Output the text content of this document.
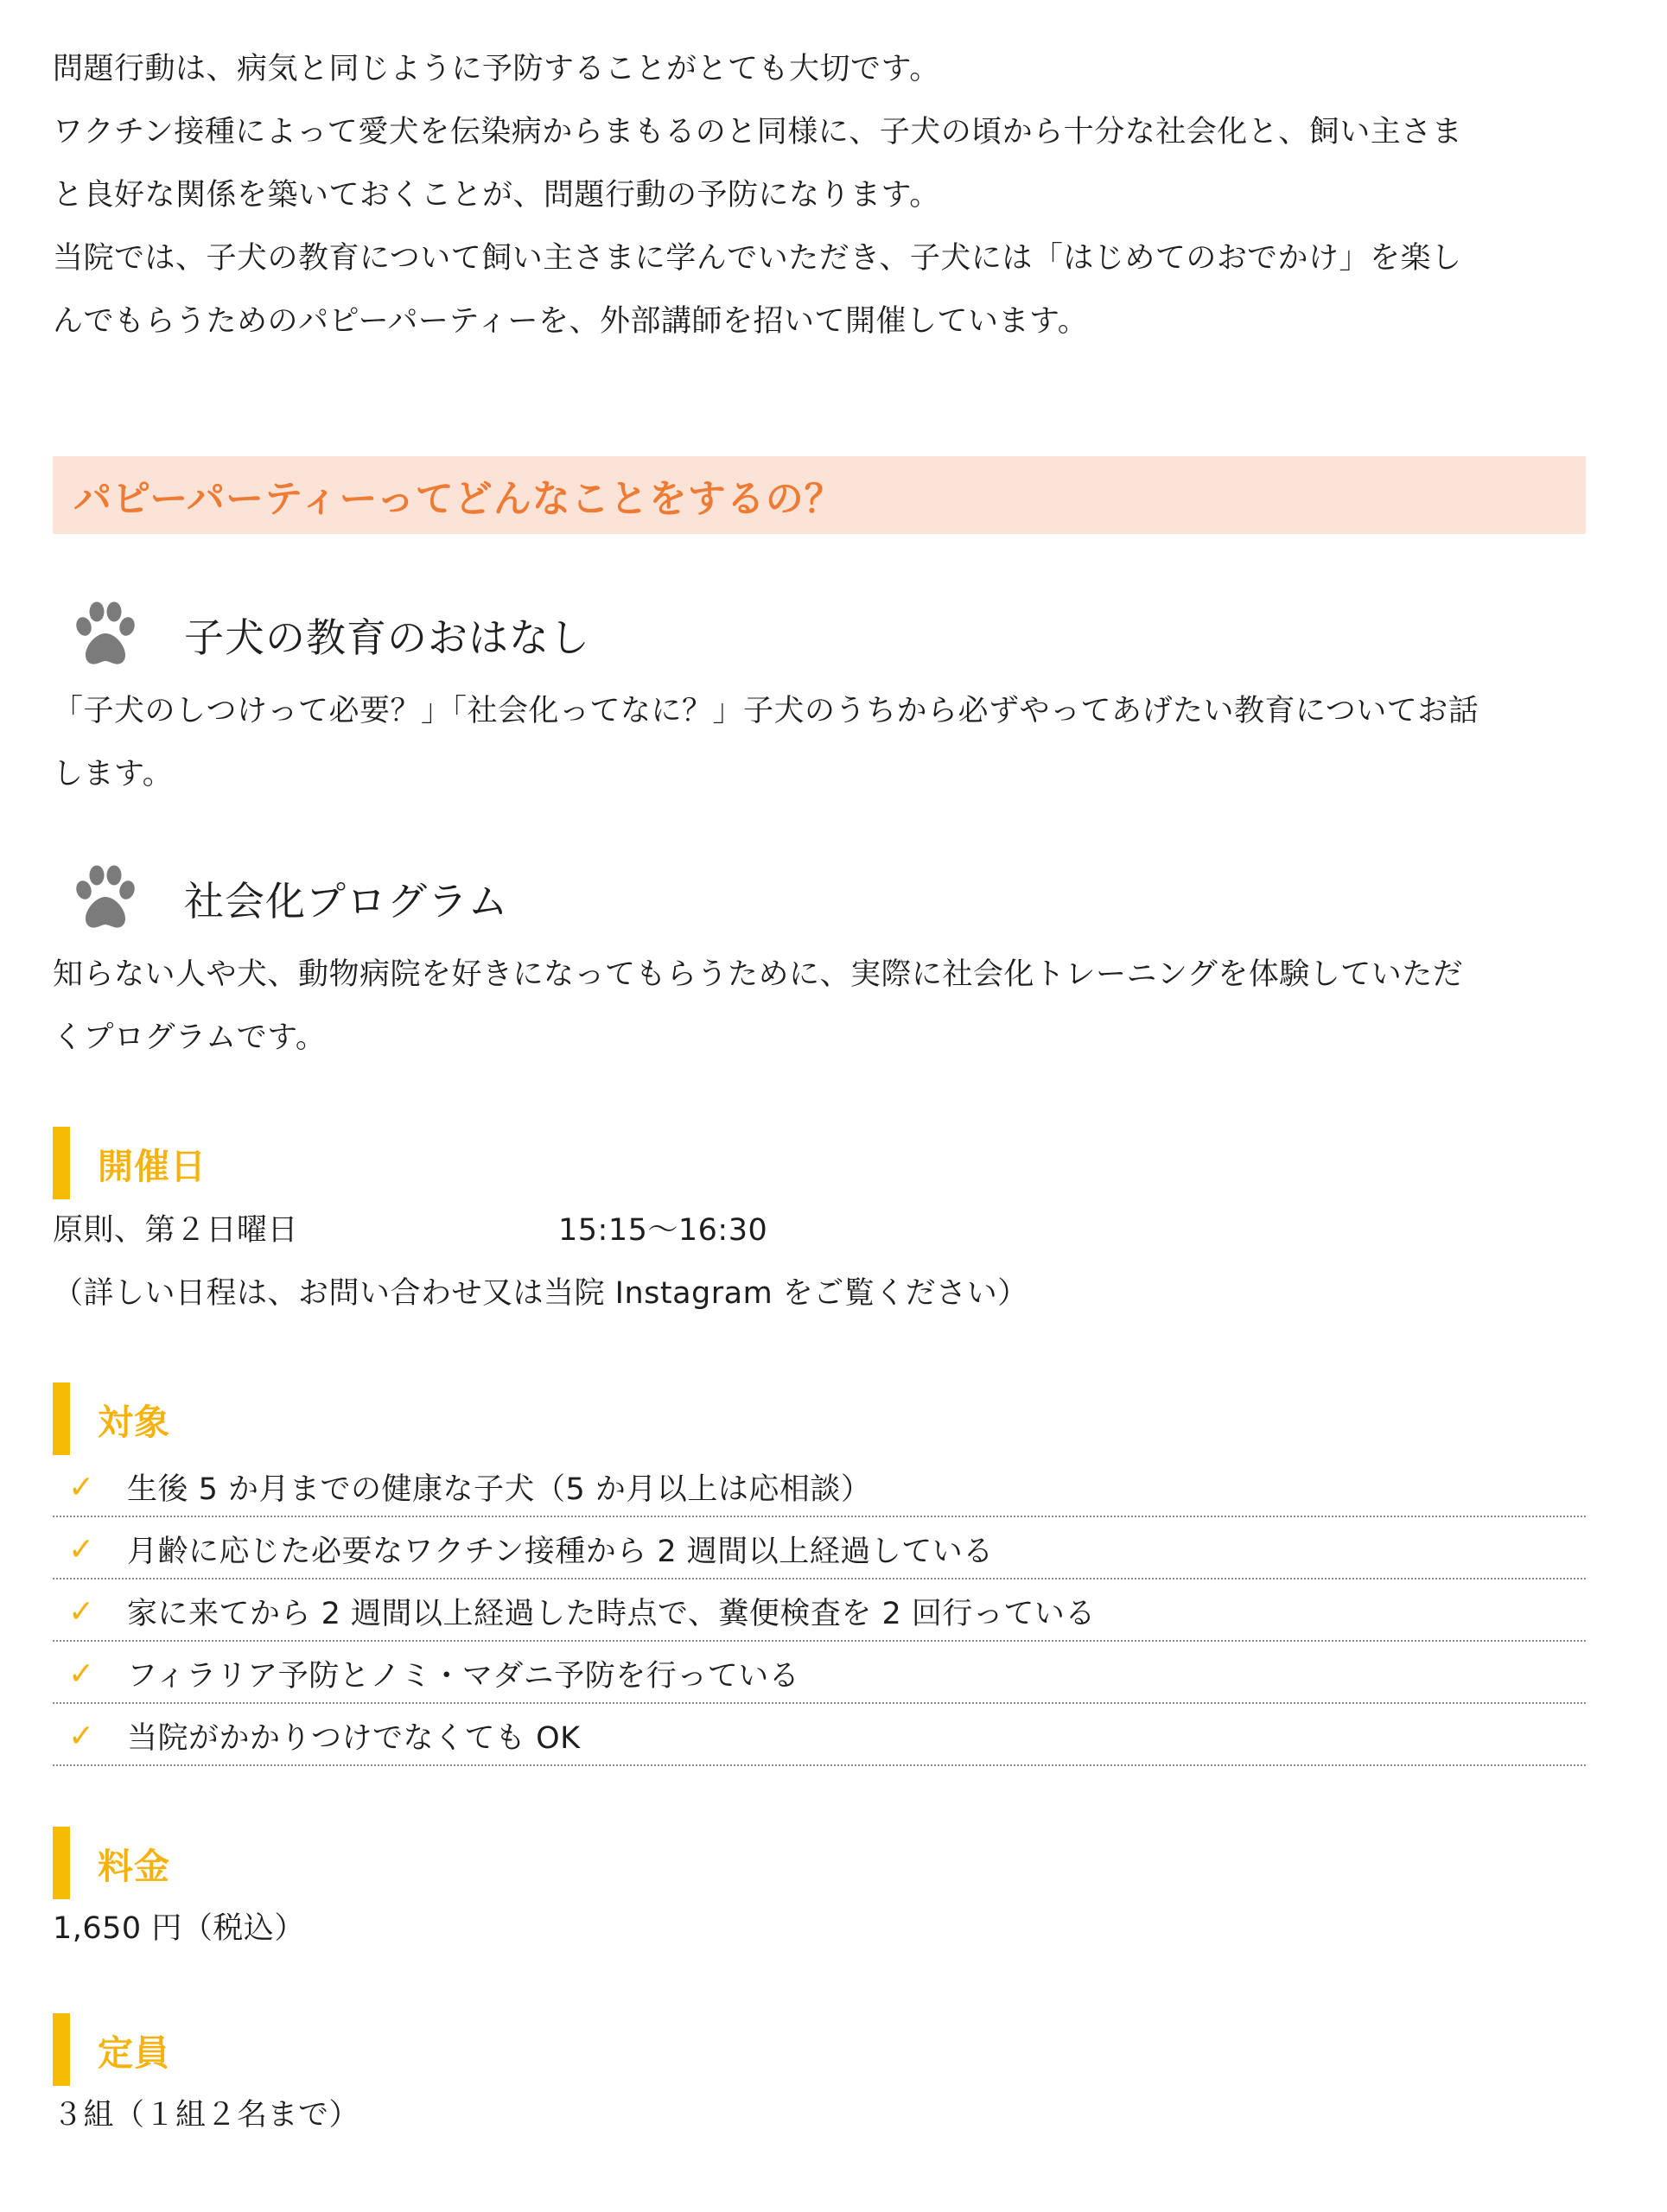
問題行動は、病気と同じように予防することがとても大切です。

ワクチン接種によって愛犬を伝染病からまもるのと同様に、子犬の頃から十分な社会化と、飼い主さま

と良好な関係を築いておくことが、問題行動の予防になります。

当院では、子犬の教育について飼い主さまに学んでいただき、子犬には「はじめてのおでかけ」を楽し

んでもらうためのパピーパーティーを、外部講師を招いて開催しています。

パピーパーティーってどんなことをするの？
子犬の教育のおはなし
「子犬のしつけって必要？」「社会化ってなに？」子犬のうちから必ずやってあげたい教育についてお話
します。
社会化プログラム
知らない人や犬、動物病院を好きになってもらうために、実際に社会化トレーニングを体験していただ
くプログラムです。
開催日
原則、第２日曜日	15:15〜16:30
（詳しい日程は、お問い合わせ又は当院 Instagram をご覧ください）
対象
✓	生後 5 か月までの健康な子犬（5 か月以上は応相談）
✓	月齢に応じた必要なワクチン接種から 2 週間以上経過している
✓	家に来てから 2 週間以上経過した時点で、糞便検査を 2 回行っている
✓	フィラリア予防とノミ・マダニ予防を行っている
✓	当院がかかりつけでなくても OK
料金
1,650 円（税込）
定員
３組（１組２名まで）
